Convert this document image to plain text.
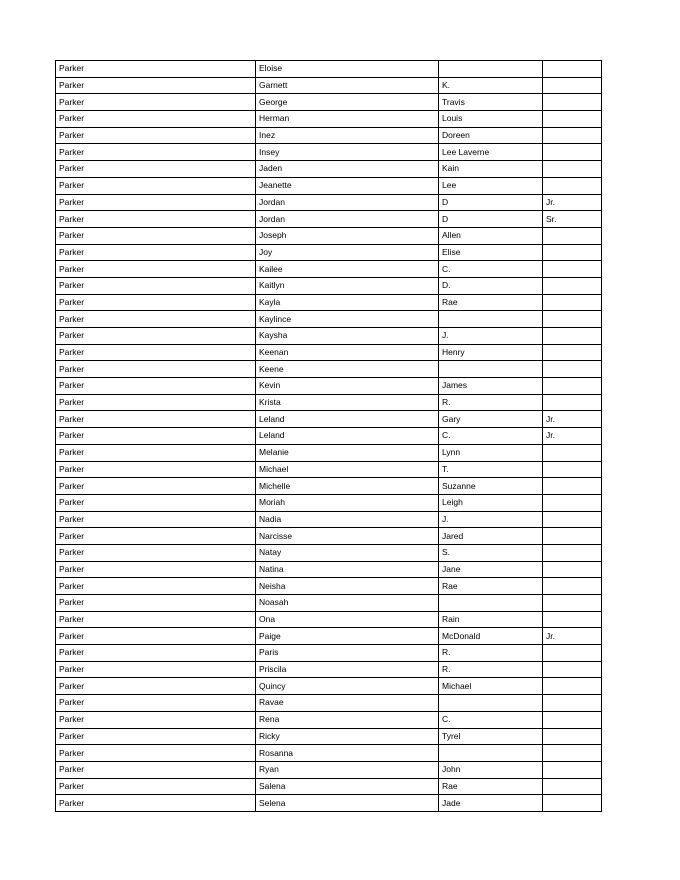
Parker	Eloise		
Parker	Garnett	K.	
Parker	George	Travis	
Parker	Herman	Louis	
Parker	Inez	Doreen	
Parker	Insey	Lee Laverne	
Parker	Jaden	Kain	
Parker	Jeanette	Lee	
Parker	Jordan	D	Jr.
Parker	Jordan	D	Sr.
Parker	Joseph	Allen	
Parker	Joy	Elise	
Parker	Kailee	C.	
Parker	Kaitlyn	D.	
Parker	Kayla	Rae	
Parker	Kaylince		
Parker	Kaysha	J.	
Parker	Keenan	Henry	
Parker	Keene		
Parker	Kevin	James	
Parker	Krista	R.	
Parker	Leland	Gary	Jr.
Parker	Leland	C.	Jr.
Parker	Melanie	Lynn	
Parker	Michael	T.	
Parker	Michelle	Suzanne	
Parker	Moriah	Leigh	
Parker	Nadia	J.	
Parker	Narcisse	Jared	
Parker	Natay	S.	
Parker	Natina	Jane	
Parker	Neisha	Rae	
Parker	Noasah		
Parker	Ona	Rain	
Parker	Paige	McDonald	Jr.
Parker	Paris	R.	
Parker	Priscila	R.	
Parker	Quincy	Michael	
Parker	Ravae		
Parker	Rena	C.	
Parker	Ricky	Tyrel	
Parker	Rosanna		
Parker	Ryan	John	
Parker	Salena	Rae	
Parker	Selena	Jade	
